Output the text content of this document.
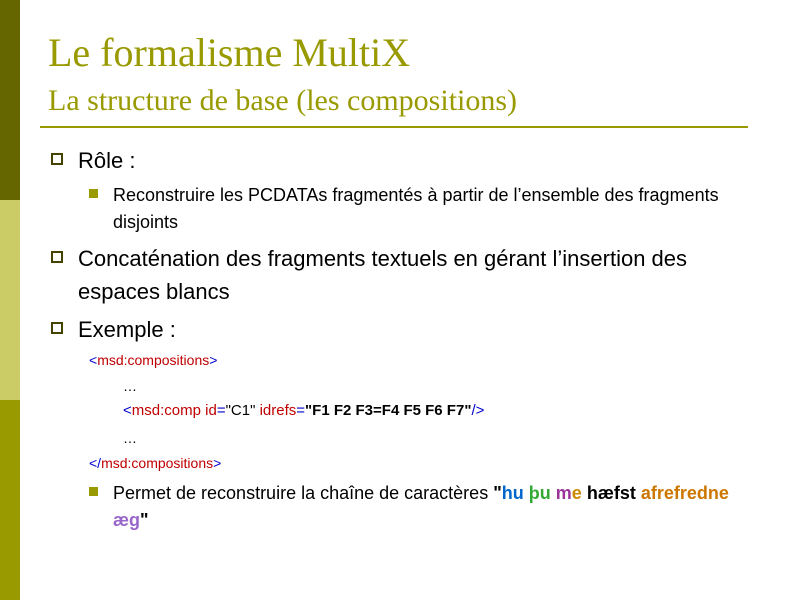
Le formalisme MultiX
La structure de base (les compositions)
Rôle :
Reconstruire les PCDATAs fragmentés à partir de l’ensemble des fragments
disjoints
Concaténation des fragments textuels en gérant l’insertion des
espaces blancs
Exemple :
<msd:compositions>
…
<msd:comp id="C1" idrefs="F1 F2 F3=F4 F5 F6 F7"/>
…
</msd:compositions>
Permet de reconstruire la chaîne de caractères "hu þu me hæfst afrefredne
æg"
